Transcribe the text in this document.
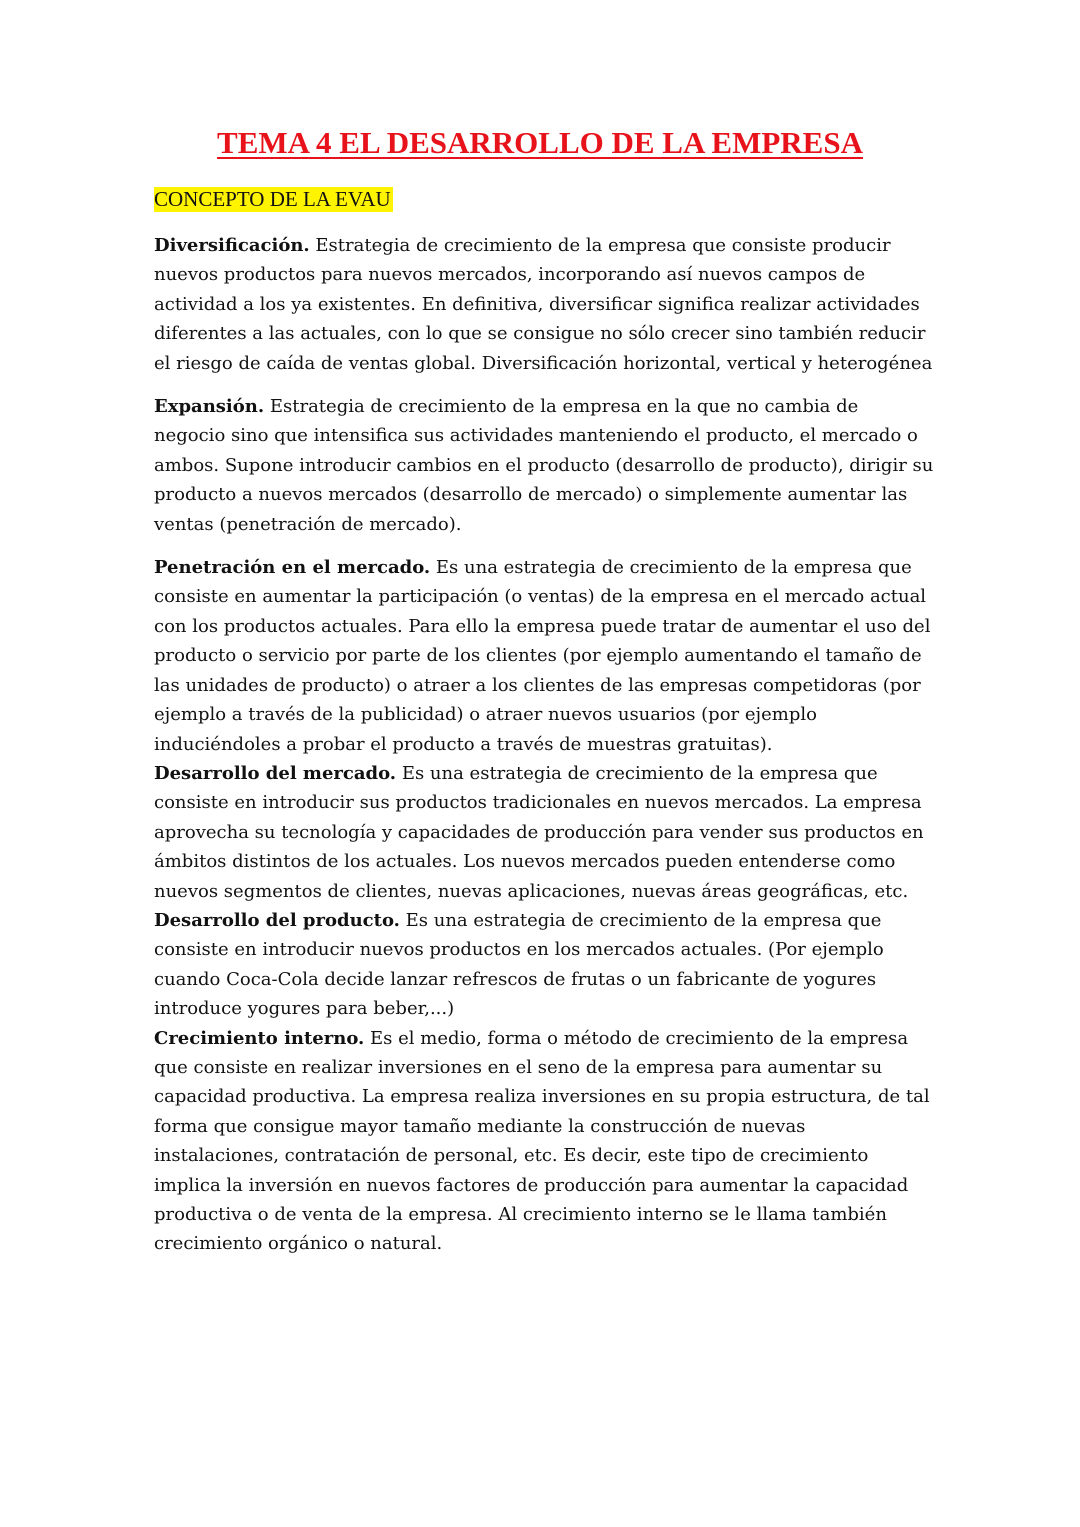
TEMA 4 EL DESARROLLO DE LA EMPRESA

CONCEPTO DE LA EVAU

Diversificación. Estrategia de crecimiento de la empresa que consiste producir nuevos productos para nuevos mercados, incorporando así nuevos campos de actividad a los ya existentes. En definitiva, diversificar significa realizar actividades diferentes a las actuales, con lo que se consigue no sólo crecer sino también reducir el riesgo de caída de ventas global. Diversificación horizontal, vertical y heterogénea

Expansión. Estrategia de crecimiento de la empresa en la que no cambia de negocio sino que intensifica sus actividades manteniendo el producto, el mercado o ambos. Supone introducir cambios en el producto (desarrollo de producto), dirigir su producto a nuevos mercados (desarrollo de mercado) o simplemente aumentar las ventas (penetración de mercado).

Penetración en el mercado. Es una estrategia de crecimiento de la empresa que consiste en aumentar la participación (o ventas) de la empresa en el mercado actual con los productos actuales. Para ello la empresa puede tratar de aumentar el uso del producto o servicio por parte de los clientes (por ejemplo aumentando el tamaño de las unidades de producto) o atraer a los clientes de las empresas competidoras (por ejemplo a través de la publicidad) o atraer nuevos usuarios (por ejemplo induciéndoles a probar el producto a través de muestras gratuitas).

Desarrollo del mercado. Es una estrategia de crecimiento de la empresa que consiste en introducir sus productos tradicionales en nuevos mercados. La empresa aprovecha su tecnología y capacidades de producción para vender sus productos en ámbitos distintos de los actuales. Los nuevos mercados pueden entenderse como nuevos segmentos de clientes, nuevas aplicaciones, nuevas áreas geográficas, etc.

Desarrollo del producto. Es una estrategia de crecimiento de la empresa que consiste en introducir nuevos productos en los mercados actuales. (Por ejemplo cuando Coca-Cola decide lanzar refrescos de frutas o un fabricante de yogures introduce yogures para beber,...)

Crecimiento interno. Es el medio, forma o método de crecimiento de la empresa que consiste en realizar inversiones en el seno de la empresa para aumentar su capacidad productiva. La empresa realiza inversiones en su propia estructura, de tal forma que consigue mayor tamaño mediante la construcción de nuevas instalaciones, contratación de personal, etc. Es decir, este tipo de crecimiento implica la inversión en nuevos factores de producción para aumentar la capacidad productiva o de venta de la empresa. Al crecimiento interno se le llama también crecimiento orgánico o natural.
